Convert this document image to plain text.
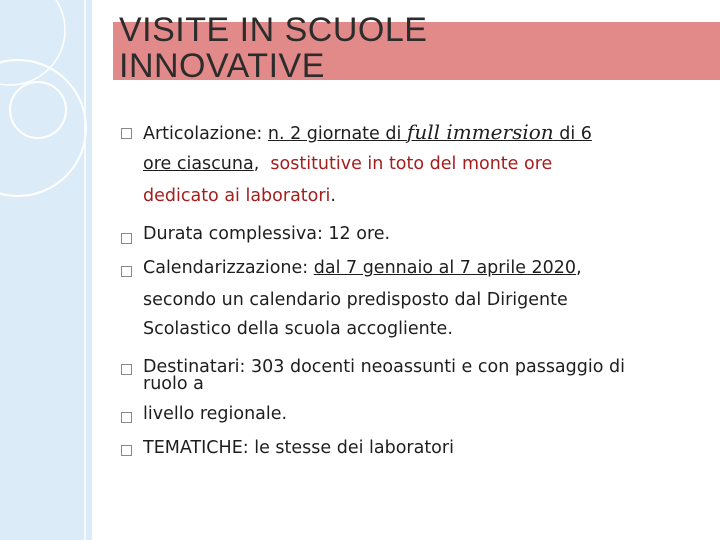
VISITE IN SCUOLE
INNOVATIVE
Articolazione: n. 2 giornate di full immersion di 6
ore ciascuna,  sostitutive in toto del monte ore
dedicato ai laboratori.
Durata complessiva: 12 ore.
Calendarizzazione: dal 7 gennaio al 7 aprile 2020,
secondo un calendario predisposto dal Dirigente
Scolastico della scuola accogliente.
Destinatari: 303 docenti neoassunti e con passaggio di
ruolo a
livello regionale.
TEMATICHE: le stesse dei laboratori
